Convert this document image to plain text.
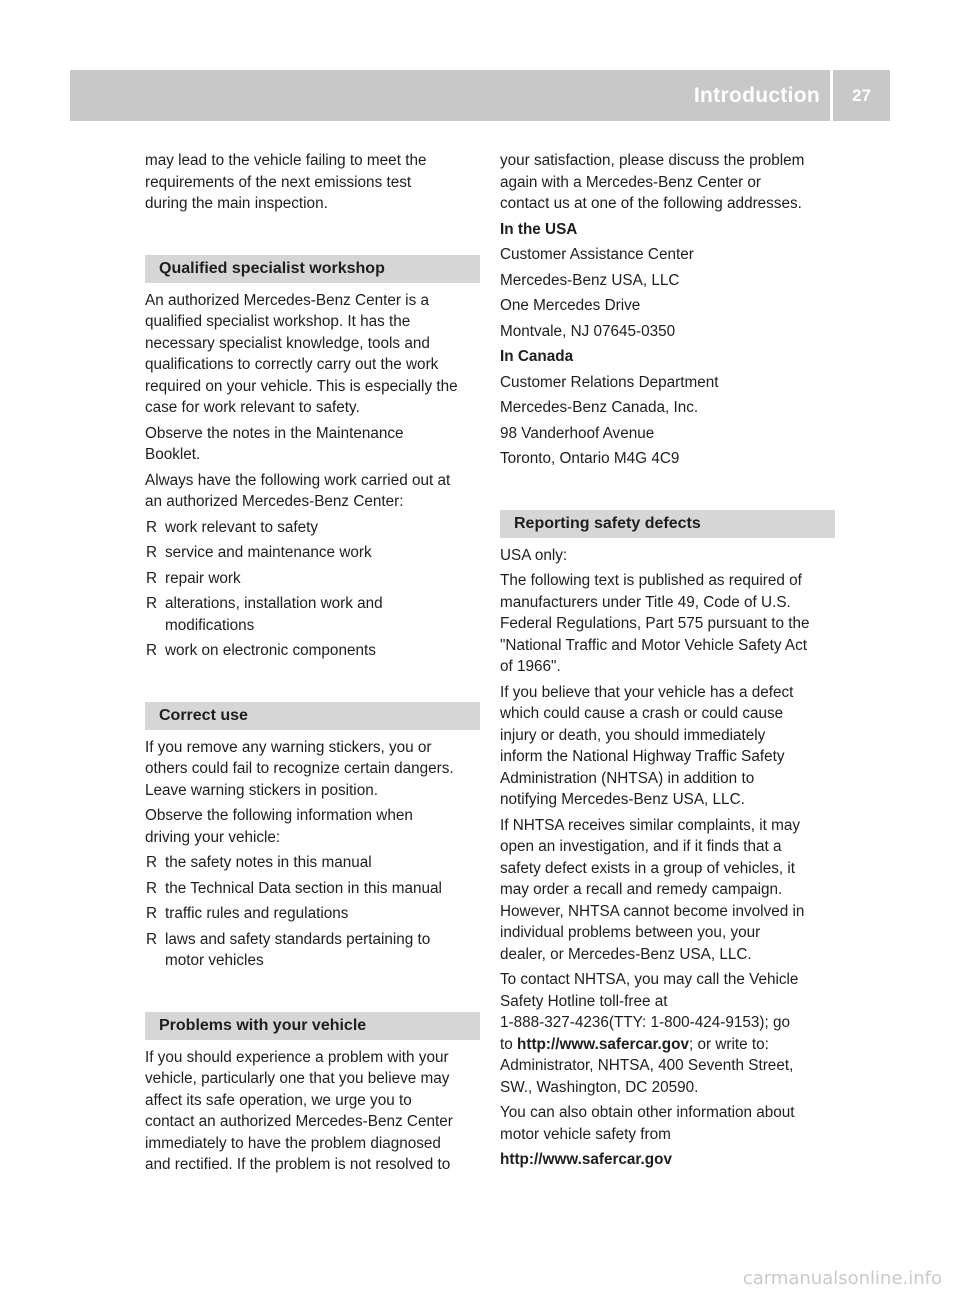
Introduction	27

may lead to the vehicle failing to meet the
requirements of the next emissions test
during the main inspection.

Qualified specialist workshop

An authorized Mercedes-Benz Center is a
qualified specialist workshop. It has the
necessary specialist knowledge, tools and
qualifications to correctly carry out the work
required on your vehicle. This is especially the
case for work relevant to safety.

Observe the notes in the Maintenance
Booklet.

Always have the following work carried out at
an authorized Mercedes-Benz Center:

R work relevant to safety
R service and maintenance work
R repair work
R alterations, installation work and
modifications
R work on electronic components
Correct use

If you remove any warning stickers, you or
others could fail to recognize certain dangers.
Leave warning stickers in position.

Observe the following information when
driving your vehicle:

R the safety notes in this manual
R the Technical Data section in this manual
R traffic rules and regulations
R laws and safety standards pertaining to
motor vehicles
Problems with your vehicle

If you should experience a problem with your
vehicle, particularly one that you believe may
affect its safe operation, we urge you to
contact an authorized Mercedes-Benz Center
immediately to have the problem diagnosed
and rectified. If the problem is not resolved to

your satisfaction, please discuss the problem
again with a Mercedes-Benz Center or
contact us at one of the following addresses.

In the USA

Customer Assistance Center

Mercedes-Benz USA, LLC

One Mercedes Drive

Montvale, NJ 07645-0350

In Canada

Customer Relations Department

Mercedes-Benz Canada, Inc.

98 Vanderhoof Avenue

Toronto, Ontario M4G 4C9

Reporting safety defects

USA only:

The following text is published as required of
manufacturers under Title 49, Code of U.S.
Federal Regulations, Part 575 pursuant to the
"National Traffic and Motor Vehicle Safety Act
of 1966".

If you believe that your vehicle has a defect
which could cause a crash or could cause
injury or death, you should immediately
inform the National Highway Traffic Safety
Administration (NHTSA) in addition to
notifying Mercedes-Benz USA, LLC.

If NHTSA receives similar complaints, it may
open an investigation, and if it finds that a
safety defect exists in a group of vehicles, it
may order a recall and remedy campaign.
However, NHTSA cannot become involved in
individual problems between you, your
dealer, or Mercedes-Benz USA, LLC.

To contact NHTSA, you may call the Vehicle
Safety Hotline toll-free at
1-888-327-4236(TTY: 1-800-424-9153); go
to http://www.safercar.gov; or write to:
Administrator, NHTSA, 400 Seventh Street,
SW., Washington, DC 20590.

You can also obtain other information about
motor vehicle safety from

http://www.safercar.gov

carmanualsonline.info
